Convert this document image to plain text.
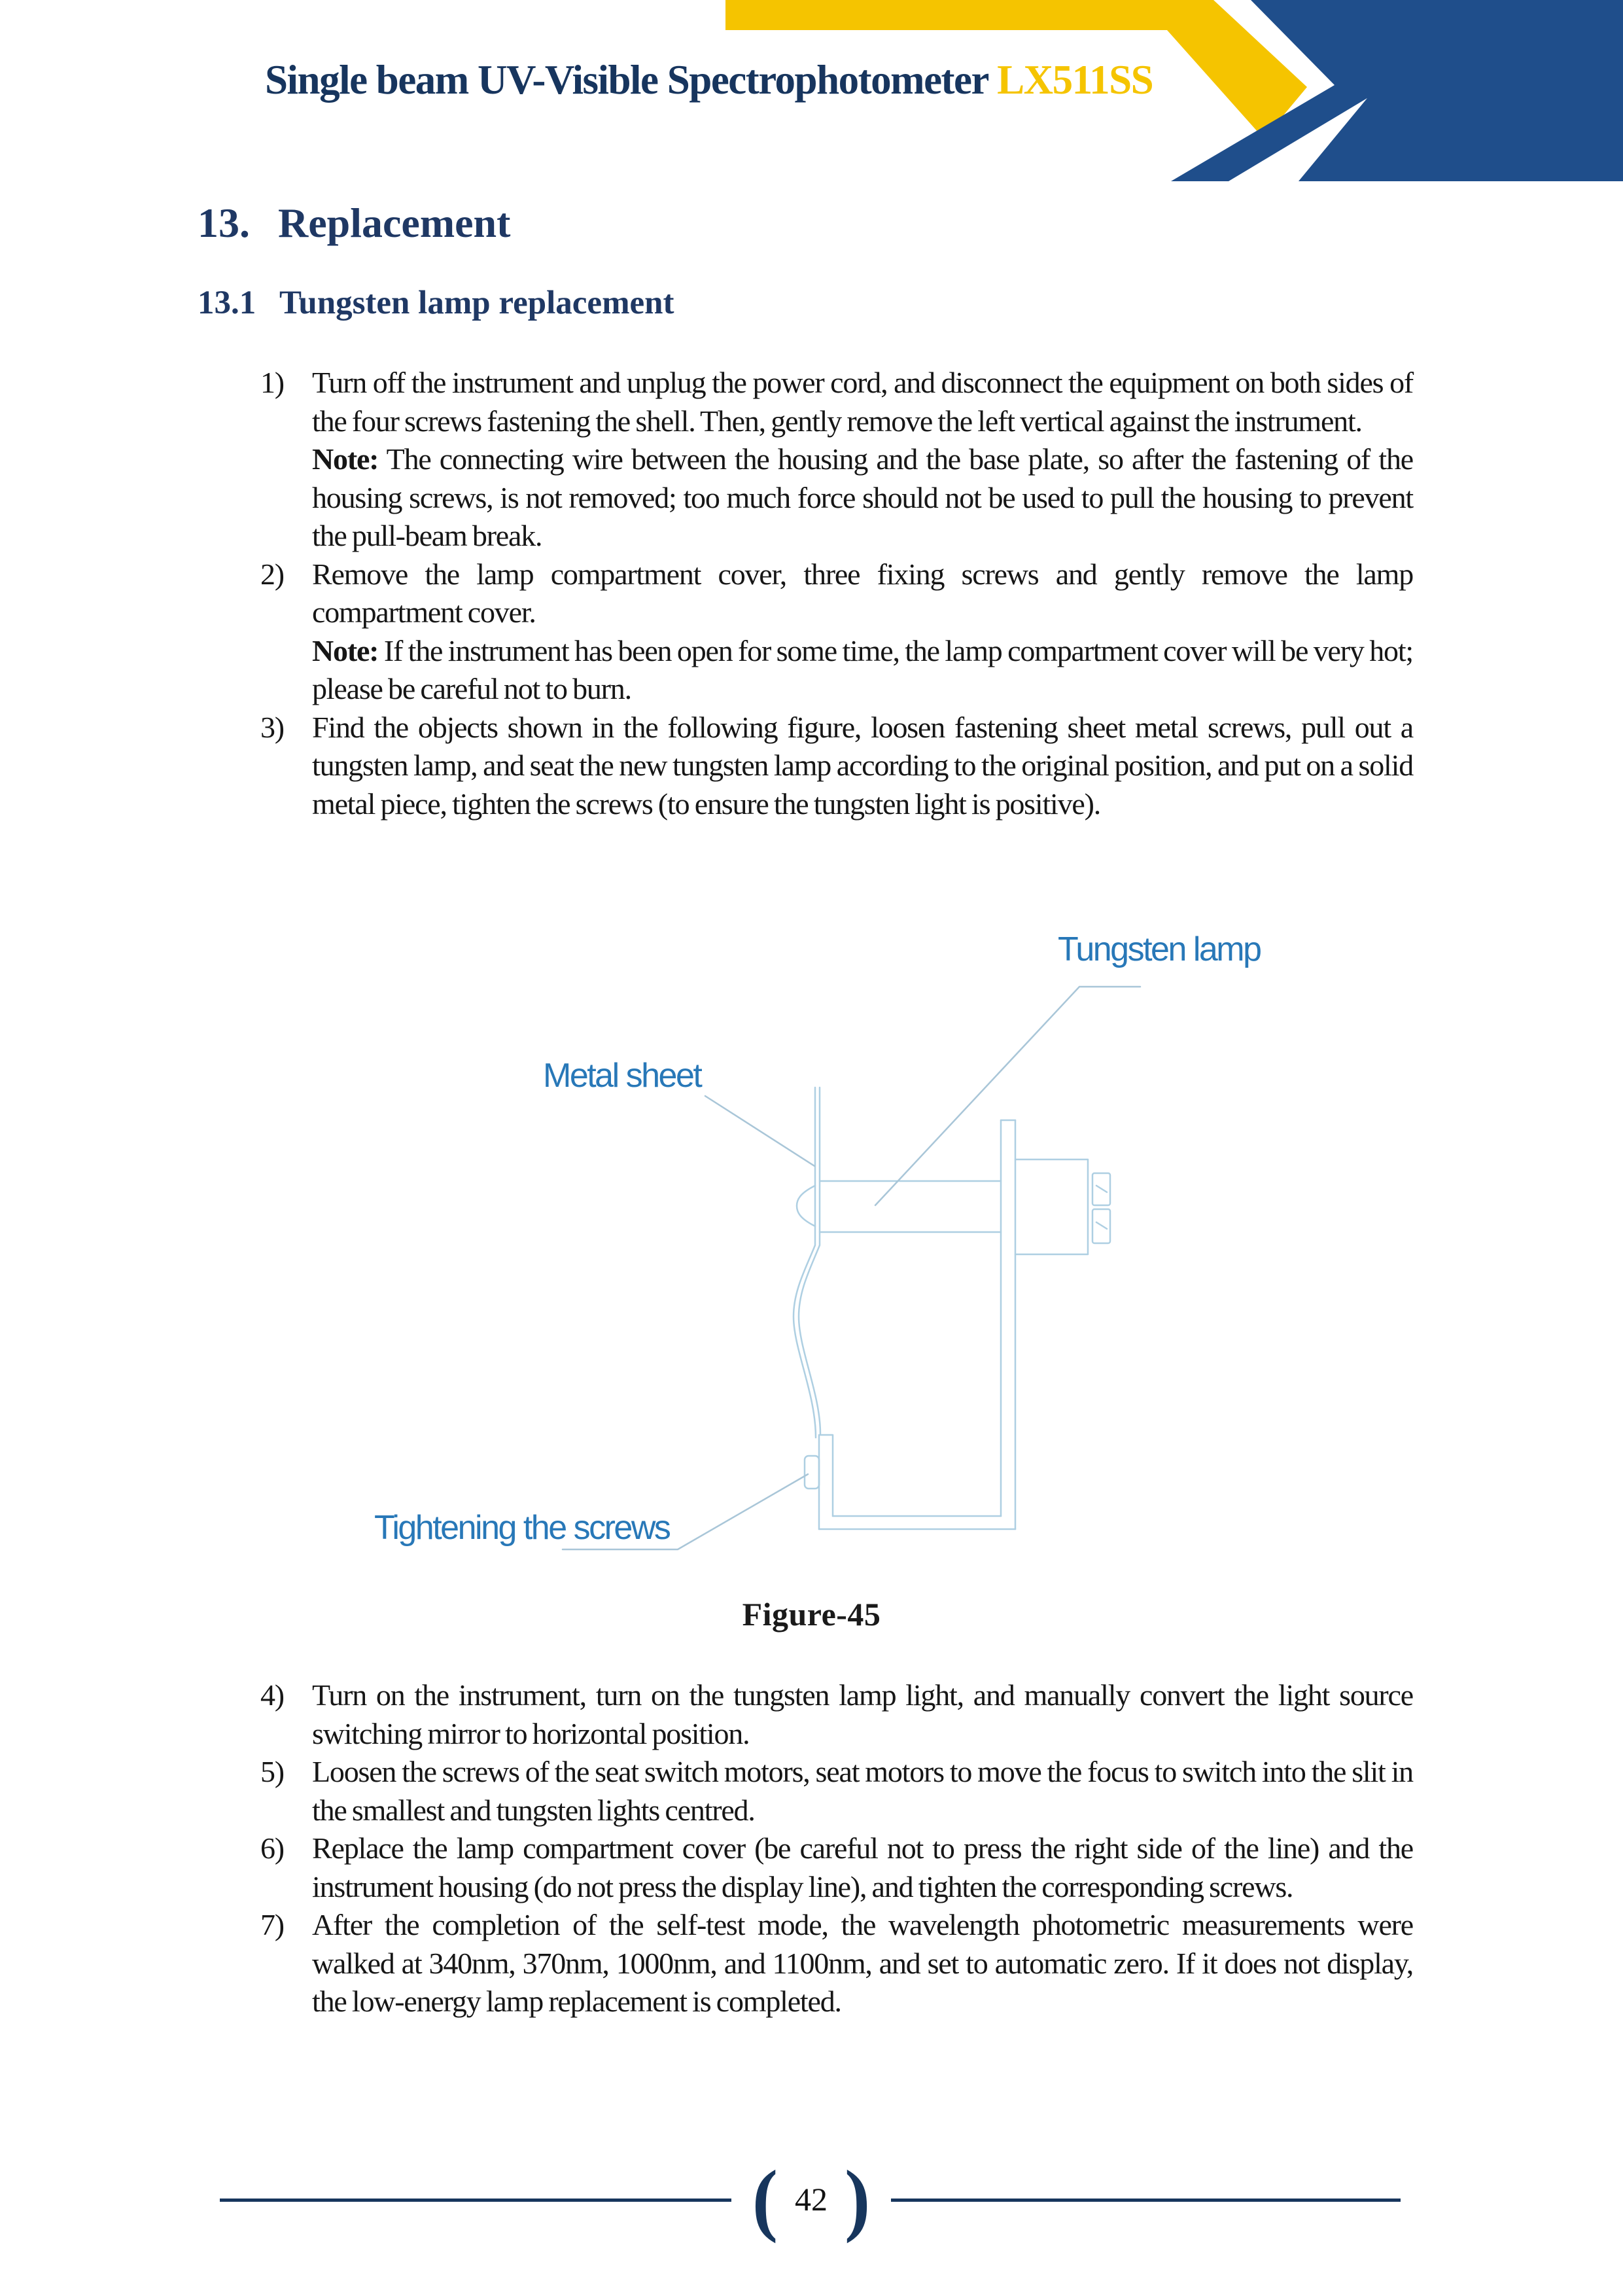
Single beam UV-Visible Spectrophotometer LX511SS
13. Replacement
13.1 Tungsten lamp replacement
1) Turn off the instrument and unplug the power cord, and disconnect the equipment on both sides of the four screws fastening the shell. Then, gently remove the left vertical against the instrument.

Note: The connecting wire between the housing and the base plate, so after the fastening of the housing screws, is not removed; too much force should not be used to pull the housing to prevent the pull-beam break.

2) Remove the lamp compartment cover, three fixing screws and gently remove the lamp compartment cover.

Note: If the instrument has been open for some time, the lamp compartment cover will be very hot; please be careful not to burn.

3) Find the objects shown in the following figure, loosen fastening sheet metal screws, pull out a tungsten lamp, and seat the new tungsten lamp according to the original position, and put on a solid metal piece, tighten the screws (to ensure the tungsten light is positive).

Tungsten lamp
Metal sheet
Tightening the screws
Figure-45
4) Turn on the instrument, turn on the tungsten lamp light, and manually convert the light source switching mirror to horizontal position.

5) Loosen the screws of the seat switch motors, seat motors to move the focus to switch into the slit in the smallest and tungsten lights centred.

6) Replace the lamp compartment cover (be careful not to press the right side of the line) and the instrument housing (do not press the display line), and tighten the corresponding screws.

7) After the completion of the self-test mode, the wavelength photometric measurements were walked at 340nm, 370nm, 1000nm, and 1100nm, and set to automatic zero. If it does not display, the low-energy lamp replacement is completed.

( 42 )
